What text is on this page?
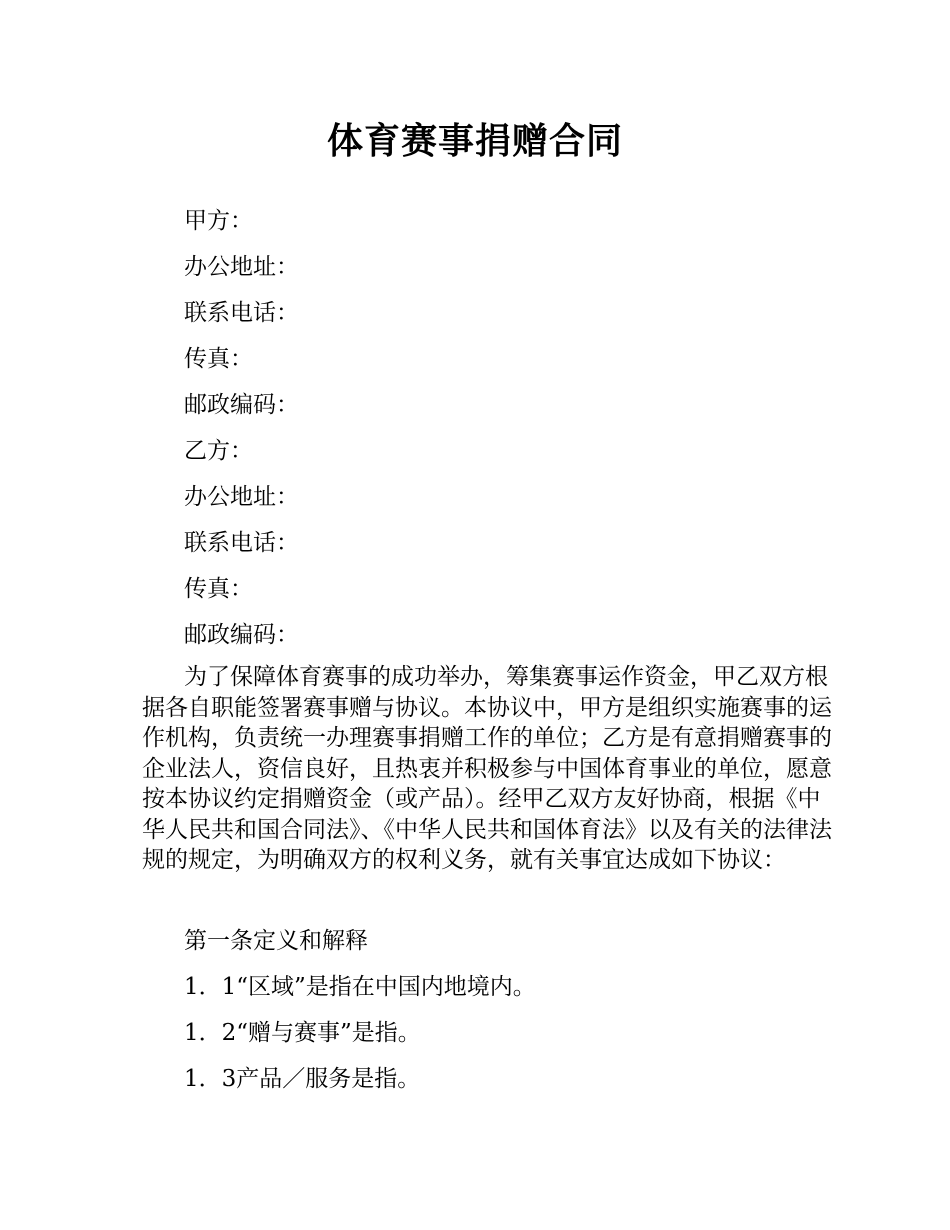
体育赛事捐赠合同
甲方：
办公地址：
联系电话：
传真：
邮政编码：
乙方：
办公地址：
联系电话：
传真：
邮政编码：

为了保障体育赛事的成功举办，筹集赛事运作资金，甲乙双方根据各自职能签署赛事赠与协议。本协议中，甲方是组织实施赛事的运作机构，负责统一办理赛事捐赠工作的单位；乙方是有意捐赠赛事的企业法人，资信良好，且热衷并积极参与中国体育事业的单位，愿意按本协议约定捐赠资金（或产品）。经甲乙双方友好协商，根据《中华人民共和国合同法》、《中华人民共和国体育法》以及有关的法律法规的规定，为明确双方的权利义务，就有关事宜达成如下协议：

第一条定义和解释
1．1“区域”是指在中国内地境内。
1．2“赠与赛事”是指。
1．3产品／服务是指。
